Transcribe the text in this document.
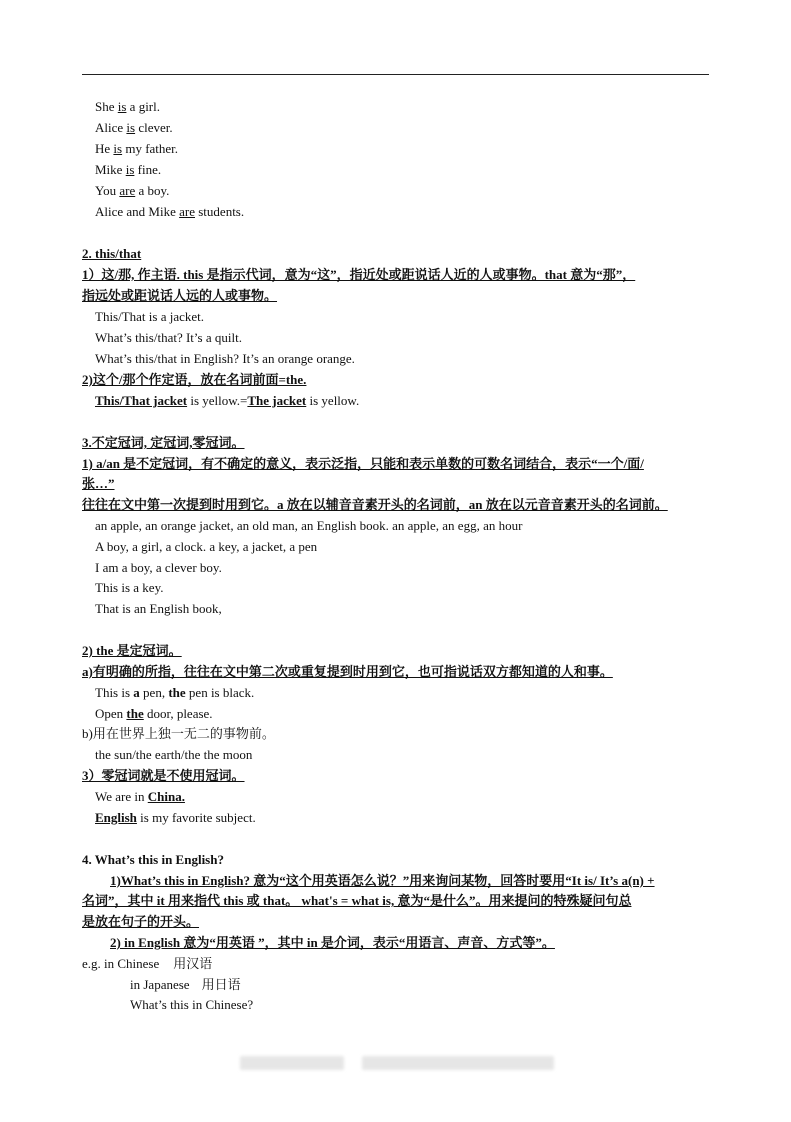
She is a girl.
Alice is clever.
He is my father.
Mike is fine.
You are a boy.
Alice and Mike are students.
2. this/that
1）这/那, 作主语. this 是指示代词，意为“这”，指近处或距说话人近的人或事物。that 意为“那”，
指远处或距说话人远的人或事物。
This/That is a jacket.
What’s this/that? It’s a quilt.
What’s this/that in English? It’s an orange orange.
2)这个/那个作定语，放在名词前面=the.
This/That jacket is yellow.=The jacket is yellow.
3.不定冠词, 定冠词,零冠词。
1) a/an 是不定冠词，有不确定的意义，表示泛指，只能和表示单数的可数名词结合，表示“一个/面/
张…”
往往在文中第一次提到时用到它。a 放在以辅音音素开头的名词前，an 放在以元音音素开头的名词前。
an apple, an orange jacket, an old man, an English book. an apple, an egg, an hour
A boy, a girl, a clock. a key, a jacket, a pen
I am a boy, a clever boy.
This is a key.
That is an English book,
2) the 是定冠词。
a)有明确的所指，往往在文中第二次或重复提到时用到它，也可指说话双方都知道的人和事。
This is a pen, the pen is black.
Open the door, please.
b)用在世界上独一无二的事物前。
the sun/the earth/the the moon
3）零冠词就是不使用冠词。
We are in China.
English is my favorite subject.
4. What’s this in English?
1)What’s this in English? 意为“这个用英语怎么说？”用来询问某物，回答时要用“It is/ It’s a(n) +
名词”，其中 it 用来指代 this 或 that。 what's = what is, 意为“是什么”。用来提问的特殊疑问句总
是放在句子的开头。
2) in English 意为“用英语 ”，其中 in 是介词，表示“用语言、声音、方式等”。
e.g. in Chinese 用汉语
in Japanese 用日语
What’s this in Chinese?
